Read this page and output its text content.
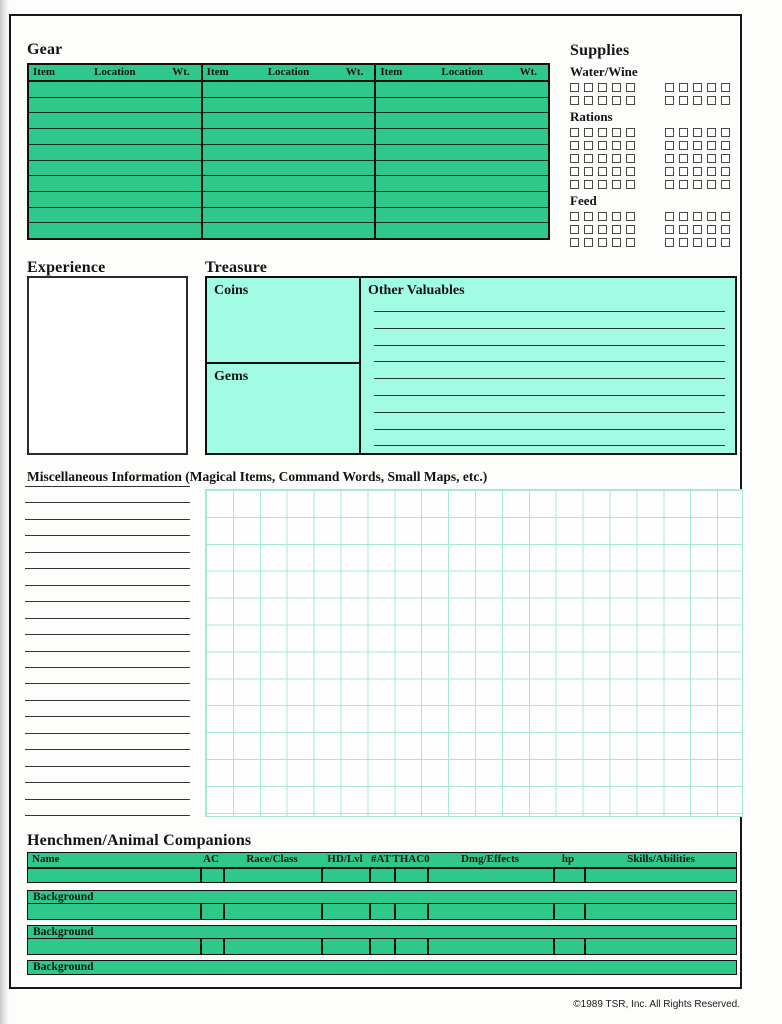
Gear
Item	Location	Wt. Item	Location	Wt. Item	Location	Wt.
Supplies
Water/Wine
Rations
Feed
Experience	Treasure
Coins
Gems
Other Valuables
Miscellaneous Information (Magical Items, Command Words, Small Maps, etc.)
Henchmen/Animal Companions
Name	AC Race/Class	HD/Lvl #AT THAC0	Dmg/Effects	hp	Skills/Abilities
Background
Background
Background
©1989 TSR, Inc. All Rights Reserved.
